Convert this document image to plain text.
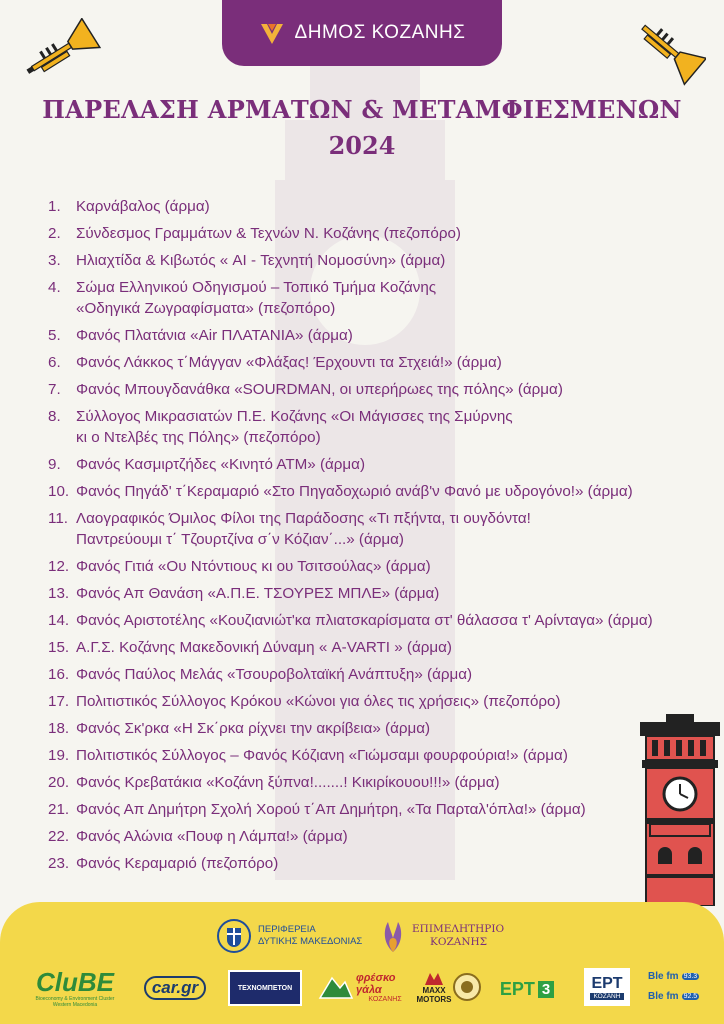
ΔΗΜΟΣ ΚΟΖΑΝΗΣ
ΠΑΡΕΛΑΣΗ ΑΡΜΑΤΩΝ & ΜΕΤΑΜΦΙΕΣΜΕΝΩΝ
2024
1.	Καρνάβαλος (άρμα)
2.	Σύνδεσμος Γραμμάτων & Τεχνών Ν. Κοζάνης (πεζοπόρο)
3.	Ηλιαχτίδα & Κιβωτός « AI - Τεχνητή Νομοσύνη» (άρμα)
4.	Σώμα Ελληνικού Οδηγισμού – Τοπικό Τμήμα Κοζάνης
«Οδηγικά Ζωγραφίσματα» (πεζοπόρο)
5.	Φανός Πλατάνια «Air ΠΛΑΤΑΝΙΑ» (άρμα)
6.	Φανός Λάκκος τ΄Μάγγαν «Φλάξας! Έρχουντι τα Στχειά!» (άρμα)
7.	Φανός Μπουγδανάθκα «SOURDMAN, οι υπερήρωες της πόλης» (άρμα)
8.	Σύλλογος Μικρασιατών Π.Ε. Κοζάνης «Οι Μάγισσες της Σμύρνης
κι ο Ντελβές της Πόλης» (πεζοπόρο)
9.	Φανός Κασμιρτζήδες «Κινητό ΑΤΜ» (άρμα)
10. Φανός Πηγάδ' τ΄Κεραμαριό «Στο Πηγαδοχωριό ανάβ'ν Φανό με υδρογόνο!» (άρμα)
11. Λαογραφικός Όμιλος Φίλοι της Παράδοσης «Τι πξήντα, τι ουγδόντα!
Παντρεύουμι τ΄ Τζουρτζίνα σ΄ν Κόζιαν΄...» (άρμα)
12. Φανός Γιτιά «Ου Ντόντιους κι ου Τσιτσούλας» (άρμα)
13. Φανός Απ Θανάση «Α.Π.Ε. ΤΣΟΥΡΕΣ ΜΠΛΕ» (άρμα)
14. Φανός Αριστοτέλης «Κουζιανιώτ'κα πλιατσκαρίσματα στ' θάλασσα τ' Αρίνταγα» (άρμα)
15. Α.Γ.Σ. Κοζάνης Μακεδονική Δύναμη « A-VARTI » (άρμα)
16. Φανός Παύλος Μελάς «Τσουροβολταϊκή Ανάπτυξη» (άρμα)
17. Πολιτιστικός Σύλλογος Κρόκου «Κώνοι για όλες τις χρήσεις» (πεζοπόρο)
18. Φανός Σκ'ρκα «Η Σκ΄ρκα ρίχνει την ακρίβεια» (άρμα)
19. Πολιτιστικός Σύλλογος – Φανός Κόζιανη «Γιώμσαμι φουρφούρια!» (άρμα)
20. Φανός Κρεβατάκια «Κοζάνη ξύπνα!.......! Κικιρίκουου!!!» (άρμα)
21. Φανός Απ Δημήτρη Σχολή Χορού τ΄Απ Δημήτρη, «Τα Παρταλ'όπλα!» (άρμα)
22. Φανός Αλώνια «Πουφ η Λάμπα!» (άρμα)
23. Φανός Κεραμαριό (πεζοπόρο)
ΠΕΡΙΦΕΡΕΙΑ
ΔΥΤΙΚΗΣ ΜΑΚΕΔΟΝΙΑΣ
ΕΠΙΜΕΛΗΤΗΡΙΟ
ΚΟΖΑΝΗΣ
CluBE
Bioeconomy & Environment Cluster Western Macedonia
car.gr	ΤΕΧΝΟΜΠΕΤΟΝ
φρέσκο γάλα
ΚΟΖΑΝΗΣ
MAXX
MOTORS
ΕΡΤ 3	ΕΡΤ
ΚΟΖΑΝΗ
Ble fm 93.3
Ble fm 92.5
